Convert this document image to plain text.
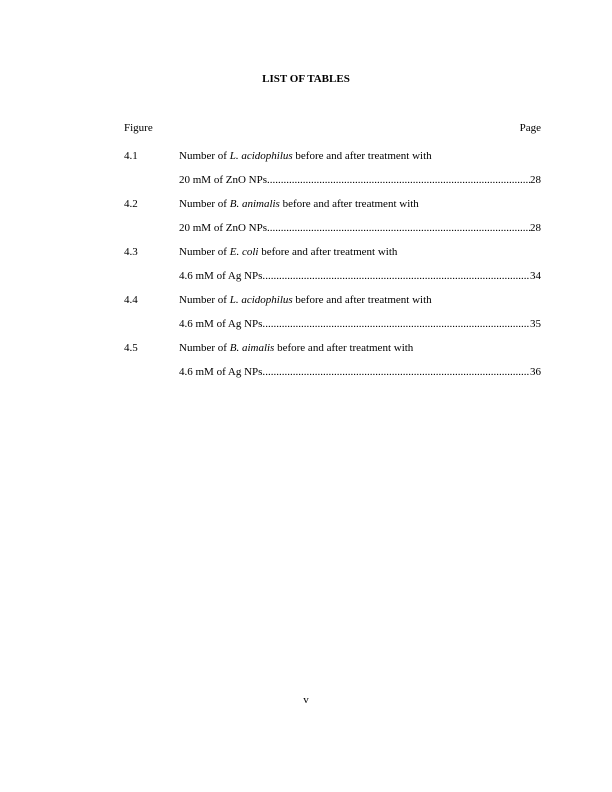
LIST OF TABLES
Figure	Page
4.1	Number of L. acidophilus before and after treatment with
20 mM of ZnO NPs. .....	28
4.2	Number of B. animalis before and after treatment with
20 mM of ZnO NPs. .....	28
4.3	Number of E. coli before and after treatment with
4.6 mM of Ag NPs. .....	34
4.4	Number of L. acidophilus before and after treatment with
4.6 mM of Ag NPs. .....	35
4.5	Number of B. aimalis before and after treatment with
4.6 mM of Ag NPs. .....	36
v
